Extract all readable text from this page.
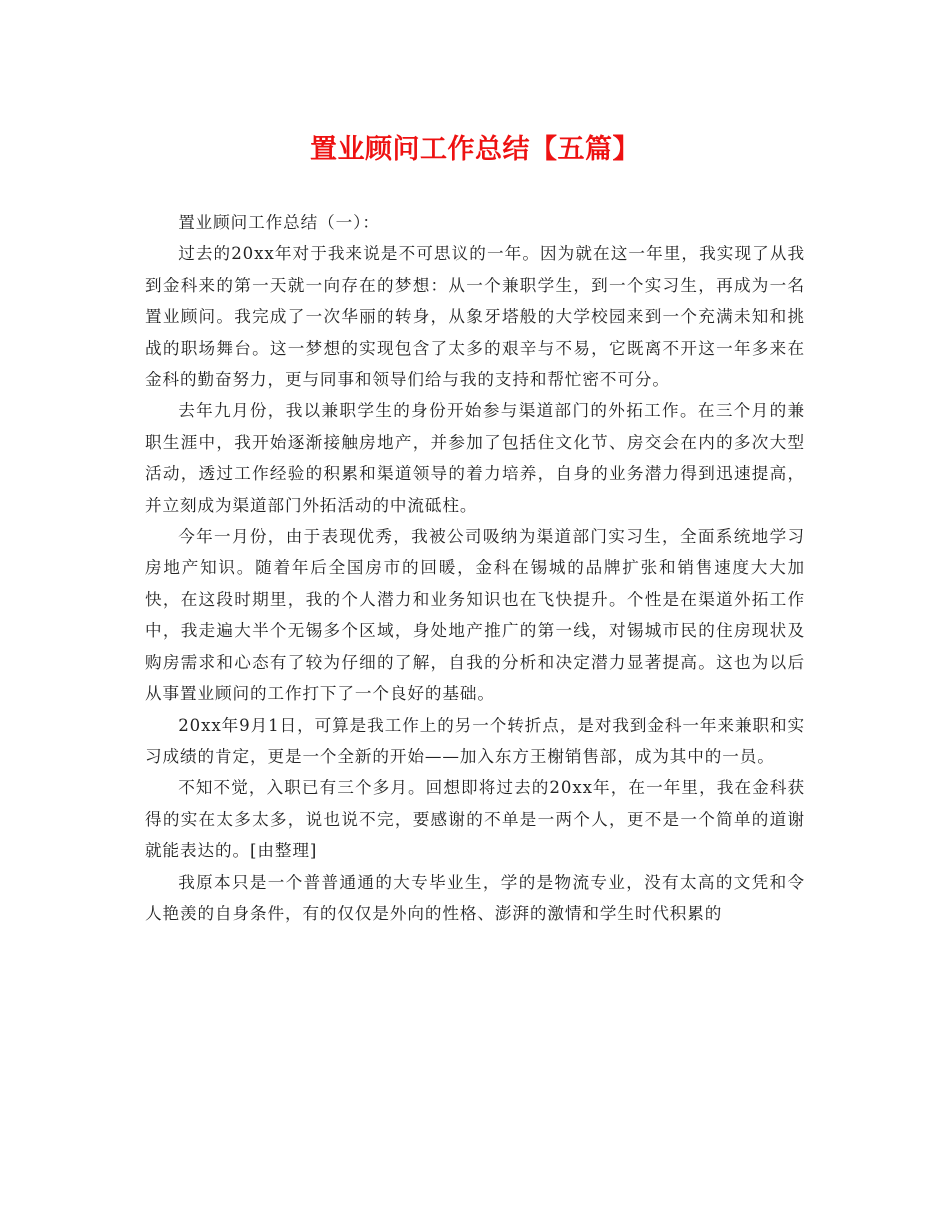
置业顾问工作总结【五篇】

置业顾问工作总结（一）：

过去的20xx年对于我来说是不可思议的一年。因为就在这一年里，我实现了从我到金科来的第一天就一向存在的梦想：从一个兼职学生，到一个实习生，再成为一名置业顾问。我完成了一次华丽的转身，从象牙塔般的大学校园来到一个充满未知和挑战的职场舞台。这一梦想的实现包含了太多的艰辛与不易，它既离不开这一年多来在金科的勤奋努力，更与同事和领导们给与我的支持和帮忙密不可分。

去年九月份，我以兼职学生的身份开始参与渠道部门的外拓工作。在三个月的兼职生涯中，我开始逐渐接触房地产，并参加了包括住文化节、房交会在内的多次大型活动，透过工作经验的积累和渠道领导的着力培养，自身的业务潜力得到迅速提高，并立刻成为渠道部门外拓活动的中流砥柱。

今年一月份，由于表现优秀，我被公司吸纳为渠道部门实习生，全面系统地学习房地产知识。随着年后全国房市的回暖，金科在锡城的品牌扩张和销售速度大大加快，在这段时期里，我的个人潜力和业务知识也在飞快提升。个性是在渠道外拓工作中，我走遍大半个无锡多个区域，身处地产推广的第一线，对锡城市民的住房现状及购房需求和心态有了较为仔细的了解，自我的分析和决定潜力显著提高。这也为以后从事置业顾问的工作打下了一个良好的基础。

20xx年9月1日，可算是我工作上的另一个转折点，是对我到金科一年来兼职和实习成绩的肯定，更是一个全新的开始——加入东方王榭销售部，成为其中的一员。

不知不觉，入职已有三个多月。回想即将过去的20xx年，在一年里，我在金科获得的实在太多太多，说也说不完，要感谢的不单是一两个人，更不是一个简单的道谢就能表达的。[由整理]

我原本只是一个普普通通的大专毕业生，学的是物流专业，没有太高的文凭和令人艳羡的自身条件，有的仅仅是外向的性格、澎湃的激情和学生时代积累的
